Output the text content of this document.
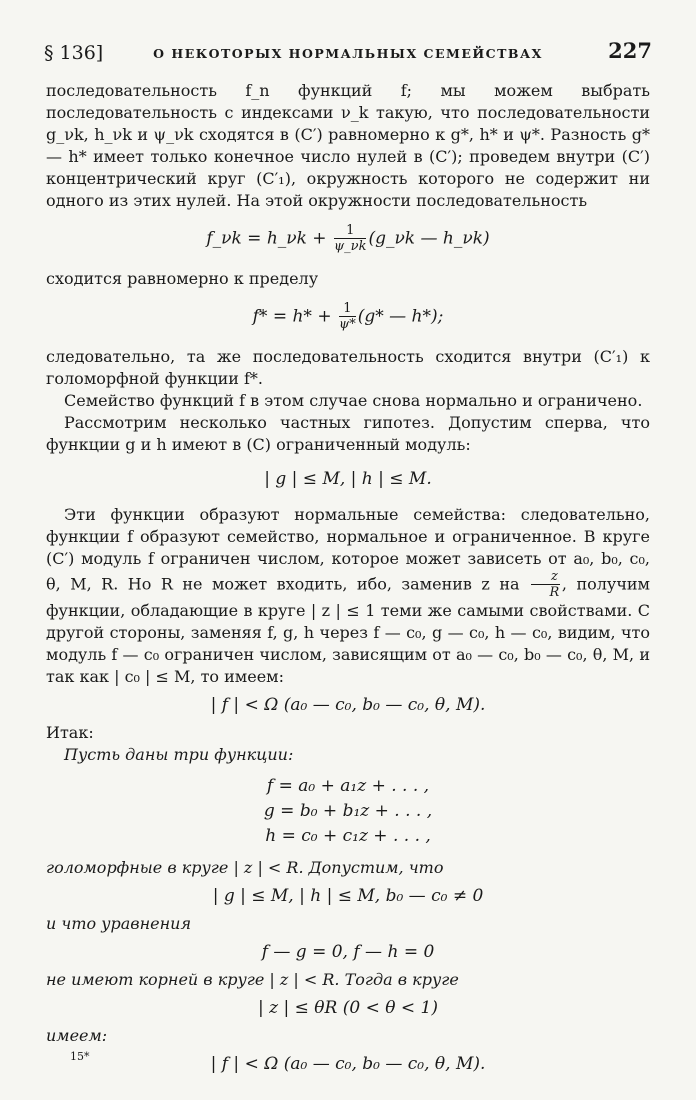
§ 136]	О НЕКОТОРЫХ НОРМАЛЬНЫХ СЕМЕЙСТВАХ	227

последовательность f_n функций f; мы можем выбрать последовательность с индексами ν_k такую, что последовательности g_νk, h_νk и ψ_νk сходятся в (C′) равномерно к g*, h* и ψ*. Разность g* — h* имеет только конечное число нулей в (C′); проведем внутри (C′) концентрический круг (C′₁), окружность которого не содержит ни одного из этих нулей. На этой окружности последовательность

f_νk = h_νk + $\frac{1}{\psi\_\nu k}$ (g_νk — h_νk)

сходится равномерно к пределу

$f* = h* + \frac{1}{\psi*} (g*$ — h*);

следовательно, та же последовательность сходится внутри (C′₁) к голоморфной функции f*.

Семейство функций f в этом случае снова нормально и ограничено.

Рассмотрим несколько частных гипотез. Допустим сперва, что функции g и h имеют в (C) ограниченный модуль:

| g | ≤ M, | h | ≤ M.

Эти функции образуют нормальные семейства: следовательно, функции f образуют семейство, нормальное и ограниченное. В круге (C′) модуль f ограничен числом, которое может зависеть от a₀, b₀, c₀, θ, M, R. Но R не может входить, ибо, заменив z на $\frac{z}{R}$ , получим функции, обладающие в круге | z | ≤ 1 теми же самыми свойствами. С другой стороны, заменяя f, g, h через f — c₀, g — c₀, h — c₀, видим, что модуль f — c₀ ограничен числом, зависящим от a₀ — c₀, b₀ — c₀, θ, M, и так как | c₀ | ≤ M, то имеем:

| f | < Ω (a₀ — c₀, b₀ — c₀, θ, M).

Итак:

Пусть даны три функции:

f = a₀ + a₁z + . . . ,
g = b₀ + b₁z + . . . ,
h = c₀ + c₁z + . . . ,

голоморфные в круге | z | < R. Допустим, что

| g | ≤ M, | h | ≤ M, b₀ — c₀ ≠ 0

и что уравнения

f — g = 0, f — h = 0

не имеют корней в круге | z | < R. Тогда в круге

| z | ≤ θR (0 < θ < 1)

имеем:

| f | < Ω (a₀ — c₀, b₀ — c₀, θ, M).
15*
